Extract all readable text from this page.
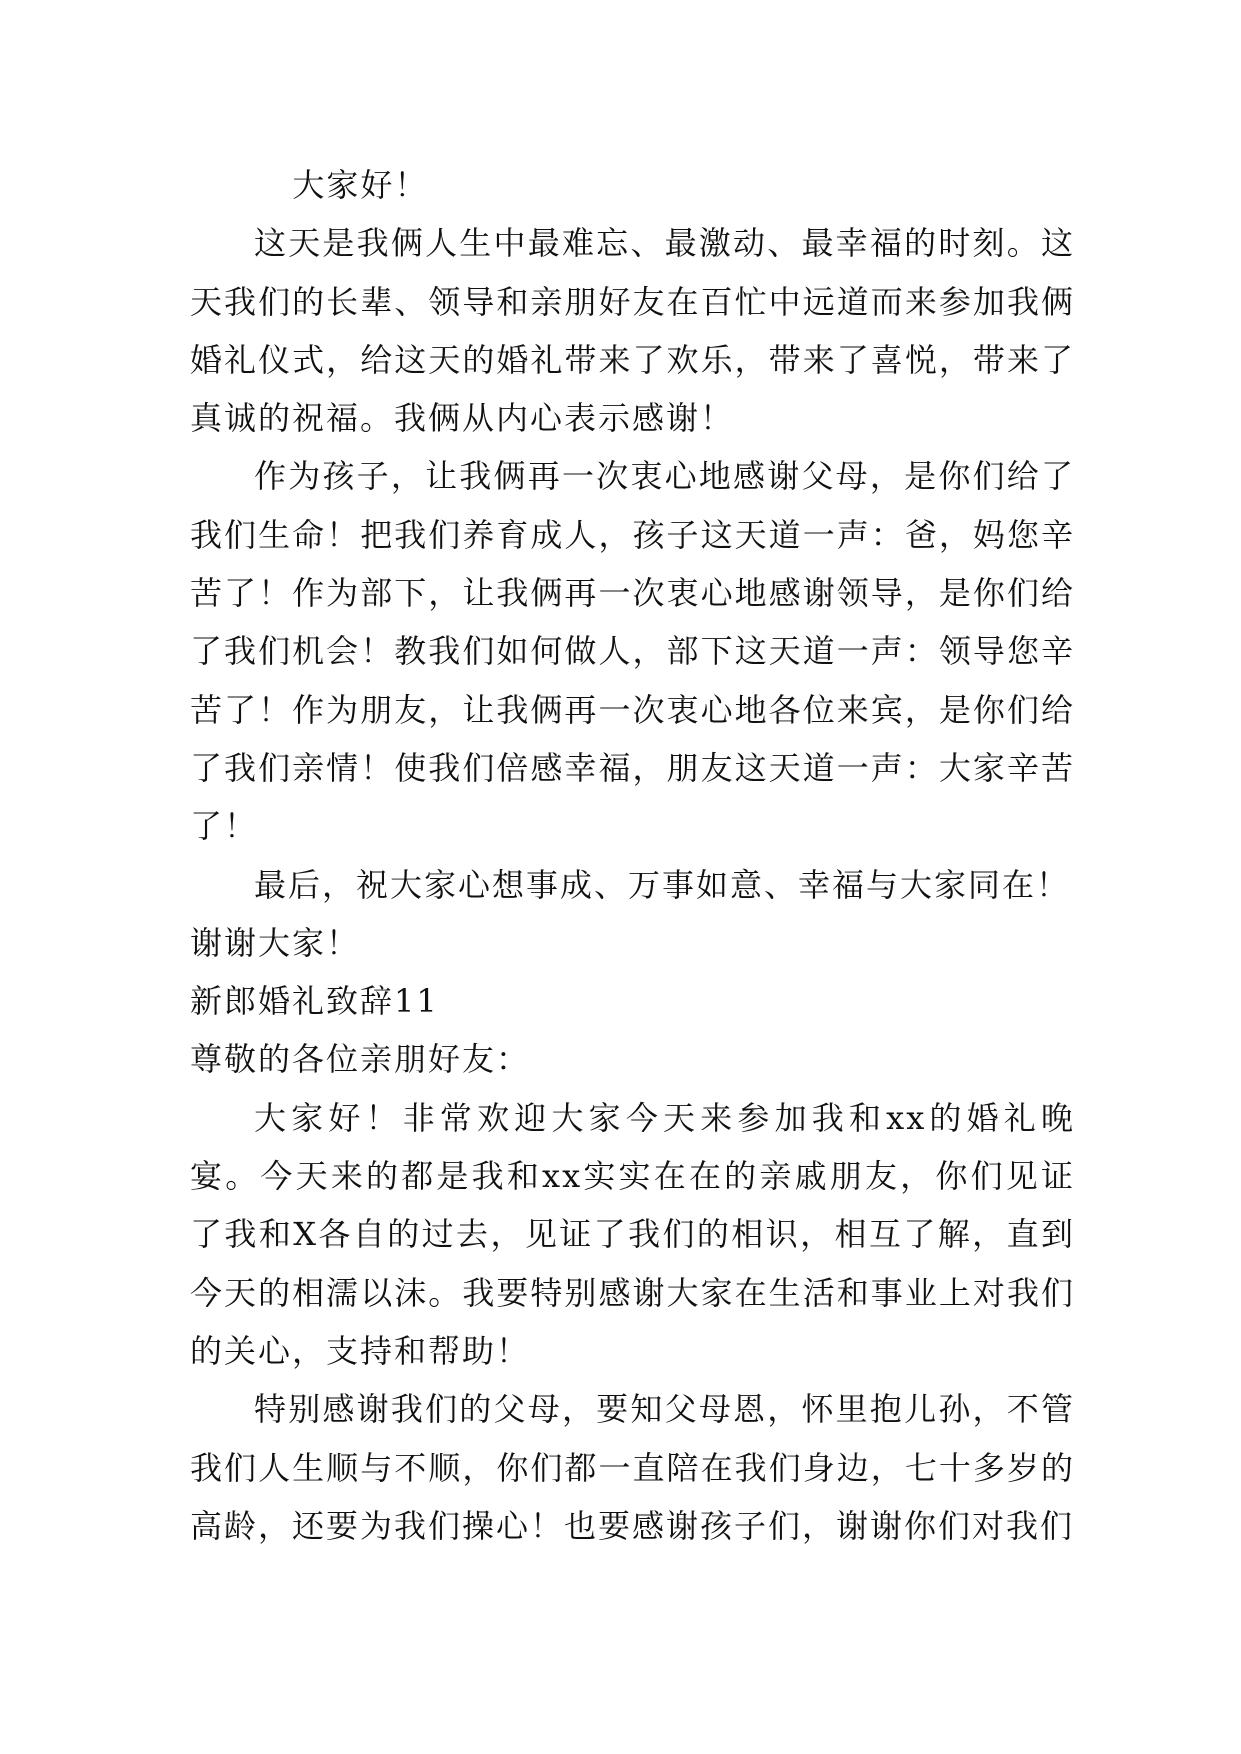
大家好！

这天是我俩人生中最难忘、最激动、最幸福的时刻。这天我们的长辈、领导和亲朋好友在百忙中远道而来参加我俩婚礼仪式，给这天的婚礼带来了欢乐，带来了喜悦，带来了真诚的祝福。我俩从内心表示感谢！

作为孩子，让我俩再一次衷心地感谢父母，是你们给了我们生命！把我们养育成人，孩子这天道一声：爸，妈您辛苦了！作为部下，让我俩再一次衷心地感谢领导，是你们给了我们机会！教我们如何做人，部下这天道一声：领导您辛苦了！作为朋友，让我俩再一次衷心地各位来宾，是你们给了我们亲情！使我们倍感幸福，朋友这天道一声：大家辛苦了！

最后，祝大家心想事成、万事如意、幸福与大家同在！

谢谢大家！

新郎婚礼致辞11

尊敬的各位亲朋好友：

大家好！非常欢迎大家今天来参加我和xx的婚礼晚宴。今天来的都是我和xx实实在在的亲戚朋友，你们见证了我和X各自的过去，见证了我们的相识，相互了解，直到今天的相濡以沫。我要特别感谢大家在生活和事业上对我们的关心，支持和帮助！

特别感谢我们的父母，要知父母恩，怀里抱儿孙，不管我们人生顺与不顺，你们都一直陪在我们身边，七十多岁的高龄，还要为我们操心！也要感谢孩子们，谢谢你们对我们
